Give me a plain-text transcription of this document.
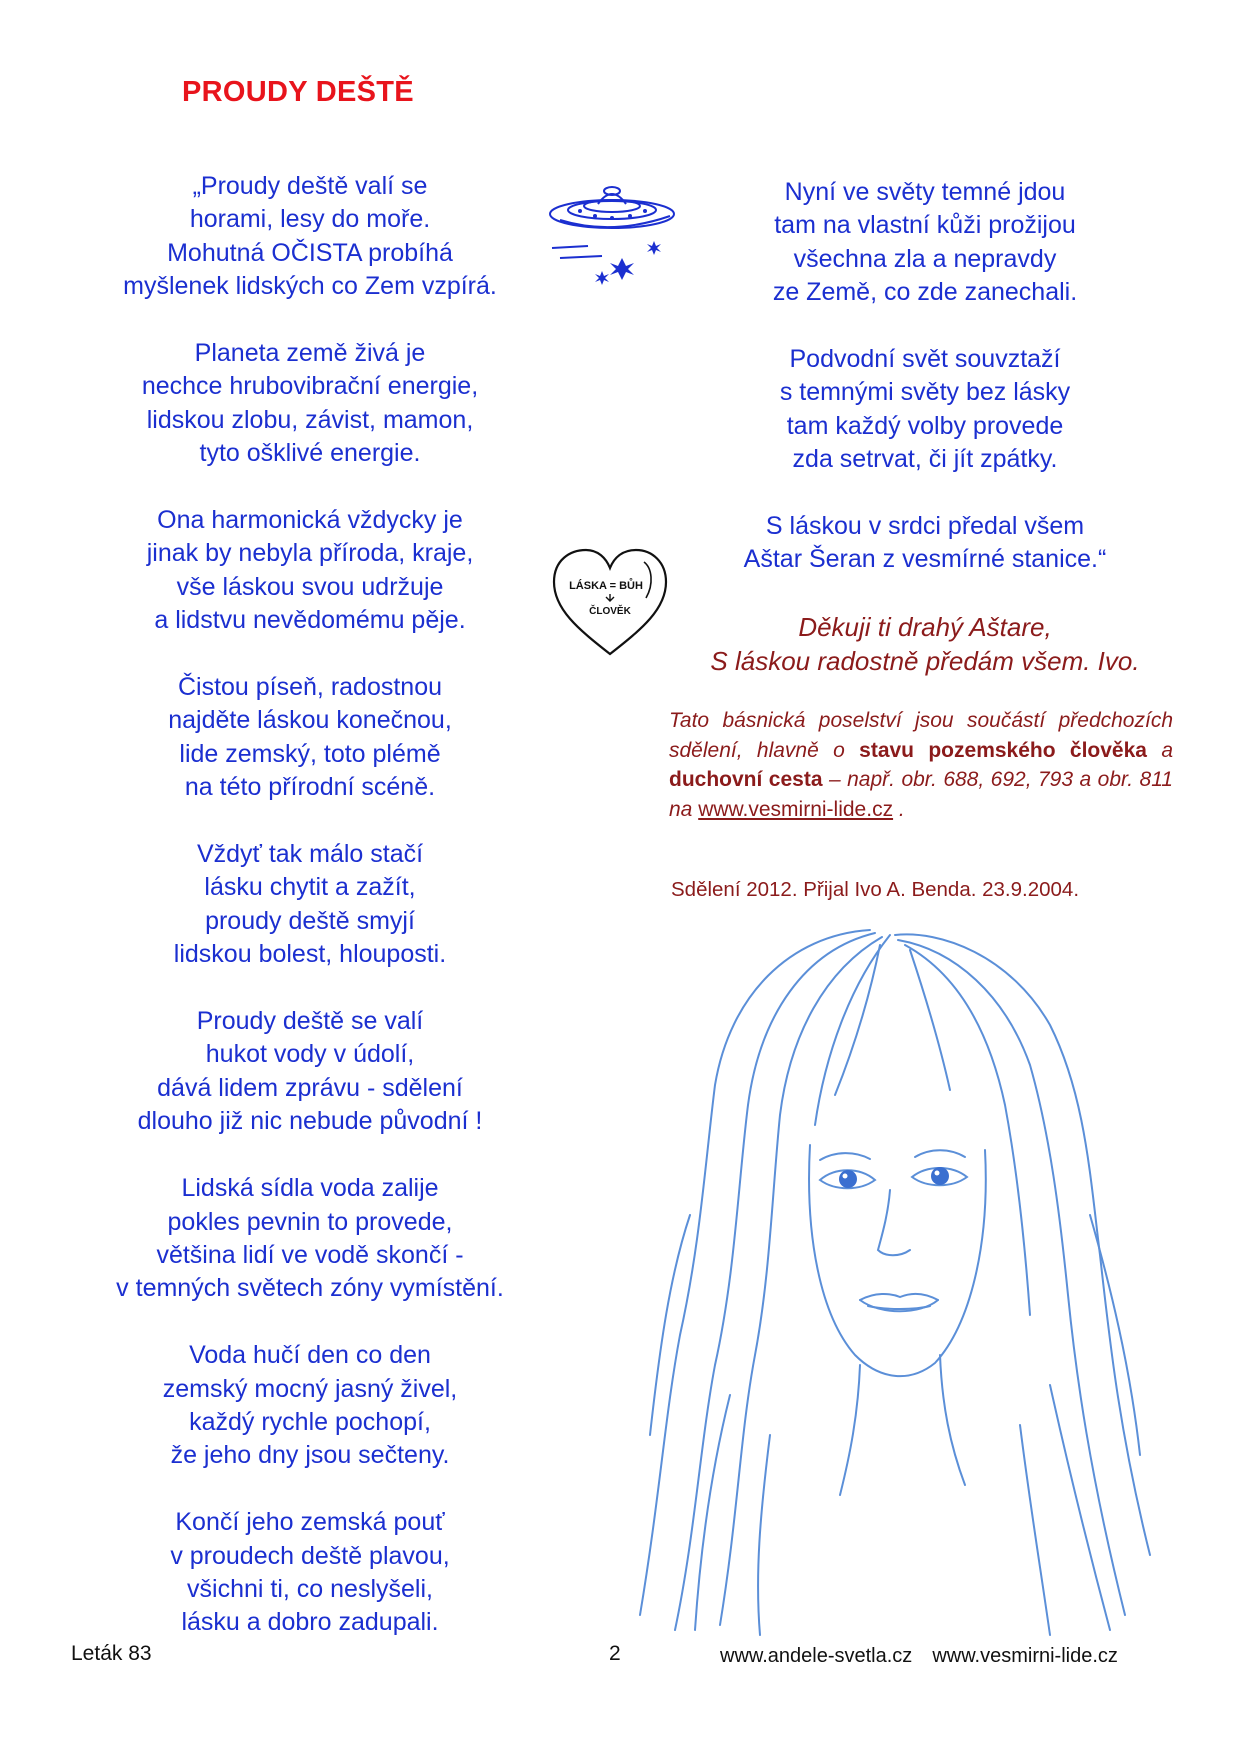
PROUDY DEŠTĚ
„Proudy deště valí se
horami, lesy do moře.
Mohutná OČISTA probíhá
myšlenek lidských co Zem vzpírá.
Planeta země živá je
nechce hrubovibrační energie,
lidskou zlobu, závist, mamon,
tyto ošklivé energie.
Ona harmonická vždycky je
jinak by nebyla příroda, kraje,
vše láskou svou udržuje
a lidstvu nevědomému pěje.
Čistou píseň, radostnou
najděte láskou konečnou,
lide zemský, toto plémě
na této přírodní scéně.
Vždyť tak málo stačí
lásku chytit a zažít,
proudy deště smyjí
lidskou bolest, hlouposti.
Proudy deště se valí
hukot vody v údolí,
dává lidem zprávu - sdělení
dlouho již nic nebude původní !
Lidská sídla voda zalije
pokles pevnin to provede,
většina lidí ve vodě skončí -
v temných světech zóny vymístění.
Voda hučí den co den
zemský mocný jasný živel,
každý rychle pochopí,
že jeho dny jsou sečteny.
Končí jeho zemská pouť
v proudech deště plavou,
všichni ti, co neslyšeli,
lásku a dobro zadupali.
Nyní ve světy temné jdou
tam na vlastní kůži prožijou
všechna zla a nepravdy
ze Země, co zde zanechali.
Podvodní svět souvztaží
s temnými světy bez lásky
tam každý volby provede
zda setrvat, či jít zpátky.
S láskou v srdci předal všem
Aštar Šeran z vesmírné stanice.“
LÁSKA = BŮH
ČLOVĚK
Děkuji ti drahý Aštare,
S láskou radostně předám všem. Ivo.
Tato básnická poselství jsou součástí předchozích sdělení, hlavně o stavu pozemského člověka a duchovní cesta – např. obr. 688, 692, 793 a obr. 811 na www.vesmirni-lide.cz .
Sdělení 2012. Přijal Ivo A. Benda. 23.9.2004.
Leták 83	2	www.andele-svetla.cz www.vesmirni-lide.cz
